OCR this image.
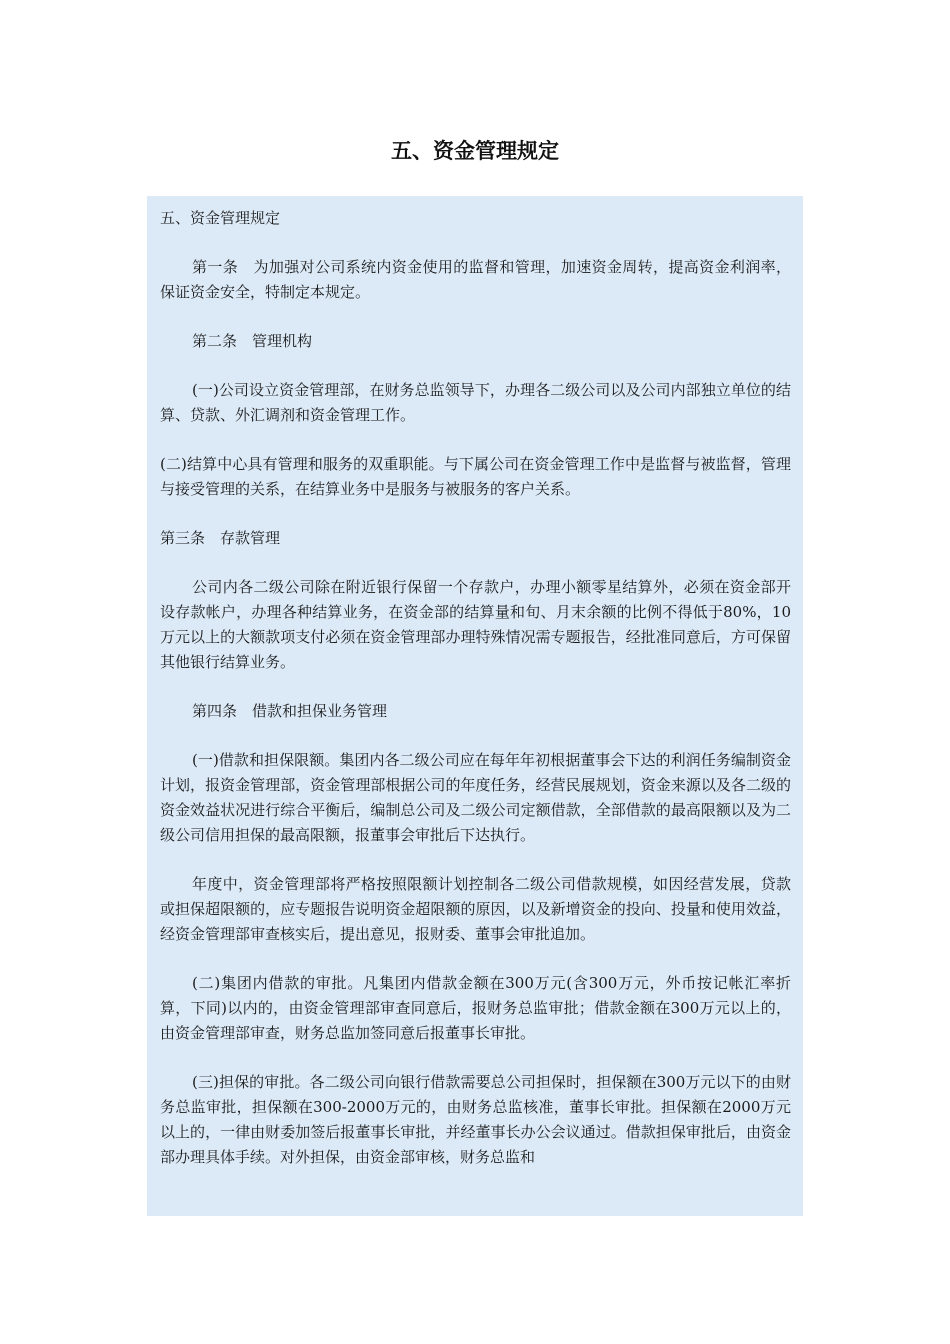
五、资金管理规定

五、资金管理规定

第一条　为加强对公司系统内资金使用的监督和管理，加速资金周转，提高资金利润率，保证资金安全，特制定本规定。

第二条　管理机构

(一)公司设立资金管理部，在财务总监领导下，办理各二级公司以及公司内部独立单位的结算、贷款、外汇调剂和资金管理工作。

(二)结算中心具有管理和服务的双重职能。与下属公司在资金管理工作中是监督与被监督，管理与接受管理的关系，在结算业务中是服务与被服务的客户关系。

第三条　存款管理

公司内各二级公司除在附近银行保留一个存款户，办理小额零星结算外，必须在资金部开设存款帐户，办理各种结算业务，在资金部的结算量和旬、月末余额的比例不得低于80%，10万元以上的大额款项支付必须在资金管理部办理特殊情况需专题报告，经批准同意后，方可保留其他银行结算业务。

第四条　借款和担保业务管理

(一)借款和担保限额。集团内各二级公司应在每年年初根据董事会下达的利润任务编制资金计划，报资金管理部，资金管理部根据公司的年度任务，经营民展规划，资金来源以及各二级的资金效益状况进行综合平衡后，编制总公司及二级公司定额借款，全部借款的最高限额以及为二级公司信用担保的最高限额，报董事会审批后下达执行。

年度中，资金管理部将严格按照限额计划控制各二级公司借款规模，如因经营发展，贷款或担保超限额的，应专题报告说明资金超限额的原因，以及新增资金的投向、投量和使用效益，经资金管理部审查核实后，提出意见，报财委、董事会审批追加。

(二)集团内借款的审批。凡集团内借款金额在300万元(含300万元，外币按记帐汇率折算，下同)以内的，由资金管理部审查同意后，报财务总监审批；借款金额在300万元以上的，由资金管理部审查，财务总监加签同意后报董事长审批。

(三)担保的审批。各二级公司向银行借款需要总公司担保时，担保额在300万元以下的由财务总监审批，担保额在300-2000万元的，由财务总监核准，董事长审批。担保额在2000万元以上的，一律由财委加签后报董事长审批，并经董事长办公会议通过。借款担保审批后，由资金部办理具体手续。对外担保，由资金部审核，财务总监和
